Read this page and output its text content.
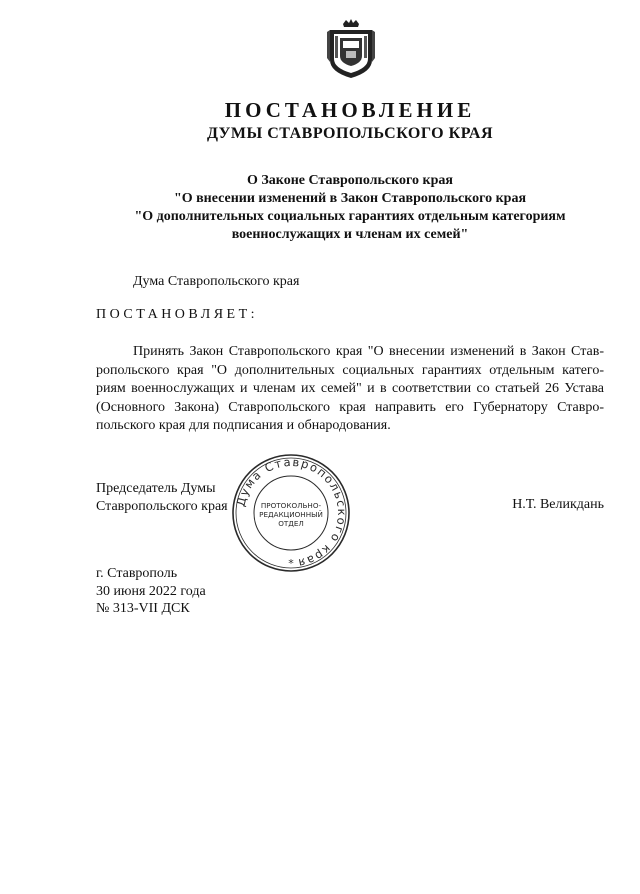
ПОСТАНОВЛЕНИЕ
ДУМЫ СТАВРОПОЛЬСКОГО КРАЯ
О Законе Ставропольского края
"О внесении изменений в Закон Ставропольского края
"О дополнительных социальных гарантиях отдельным категориям
военнослужащих и членам их семей"
Дума Ставропольского края
ПОСТАНОВЛЯЕТ:
Принять Закон Ставропольского края "О внесении изменений в Закон Став-
ропольского края "О дополнительных социальных гарантиях отдельным катего-
риям военнослужащих и членам их семей" и в соответствии со статьей 26 Устава
(Основного Закона) Ставропольского края направить его Губернатору Ставро-
польского края для подписания и обнародования.
Председатель Думы
Ставропольского края Дума Ставропольского края
ПРОТОКОЛЬНО-
РЕДАКЦИОННЫЙ
ОТДЕЛ
*
Н.Т. Великдань
г. Ставрополь
30 июня 2022 года
№ 313-VII ДСК
